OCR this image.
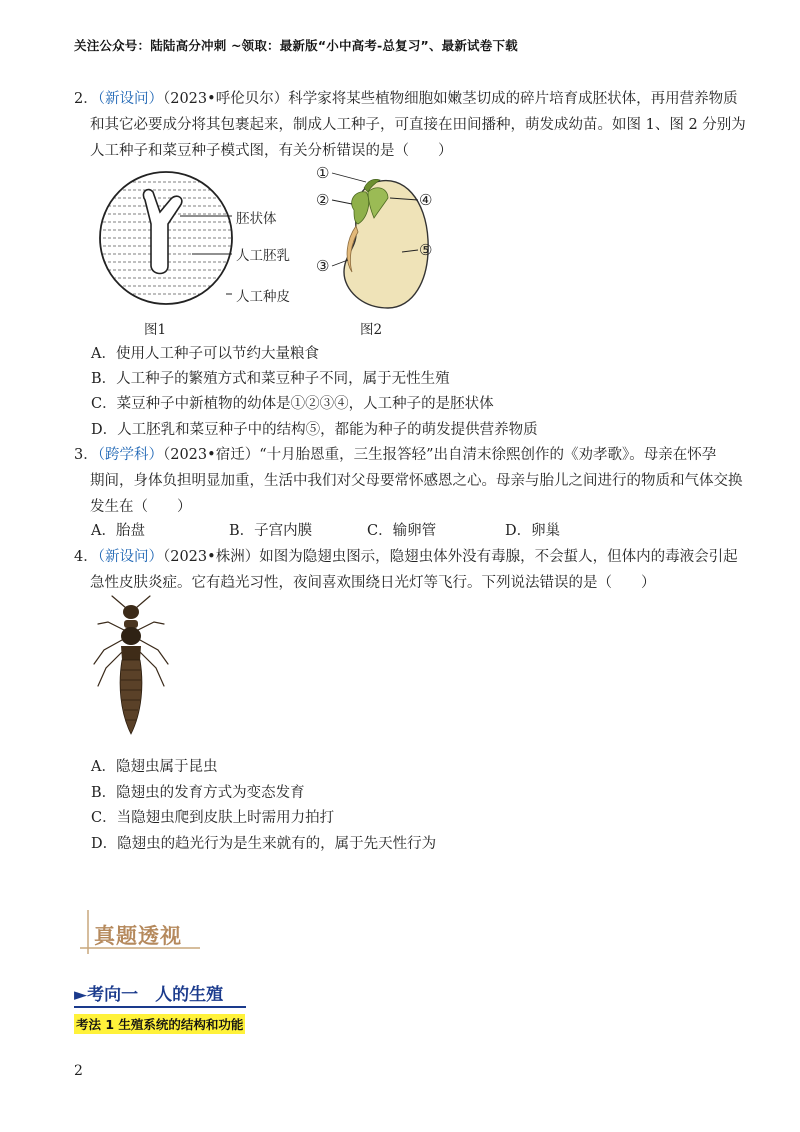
关注公众号：陆陆高分冲刺 ~领取：最新版“小中高考-总复习”、最新试卷下载
2．（新设问）（2023•呼伦贝尔）科学家将某些植物细胞如嫩茎切成的碎片培育成胚状体，再用营养物质
和其它必要成分将其包裹起来，制成人工种子，可直接在田间播种，萌发成幼苗。如图 1、图 2 分别为
人工种子和菜豆种子模式图，有关分析错误的是（　　）
胚状体
人工胚乳
人工种皮
图1
①
②	④
⑤
③
图2
A．使用人工种子可以节约大量粮食
B．人工种子的繁殖方式和菜豆种子不同，属于无性生殖
C．菜豆种子中新植物的幼体是①②③④，人工种子的是胚状体
D．人工胚乳和菜豆种子中的结构⑤，都能为种子的萌发提供营养物质
3．（跨学科）（2023•宿迁）“十月胎恩重，三生报答轻”出自清末徐熙创作的《劝孝歌》。母亲在怀孕
期间，身体负担明显加重，生活中我们对父母要常怀感恩之心。母亲与胎儿之间进行的物质和气体交换
发生在（　　）
A．胎盘	B．子宫内膜	C．输卵管	D．卵巢
4．（新设问）（2023•株洲）如图为隐翅虫图示，隐翅虫体外没有毒腺，不会蜇人，但体内的毒液会引起
急性皮肤炎症。它有趋光习性，夜间喜欢围绕日光灯等飞行。下列说法错误的是（　　）
A．隐翅虫属于昆虫
B．隐翅虫的发育方式为变态发育
C．当隐翅虫爬到皮肤上时需用力拍打
D．隐翅虫的趋光行为是生来就有的，属于先天性行为
真题透视
►考向一　人的生殖
考法 1 生殖系统的结构和功能
2
